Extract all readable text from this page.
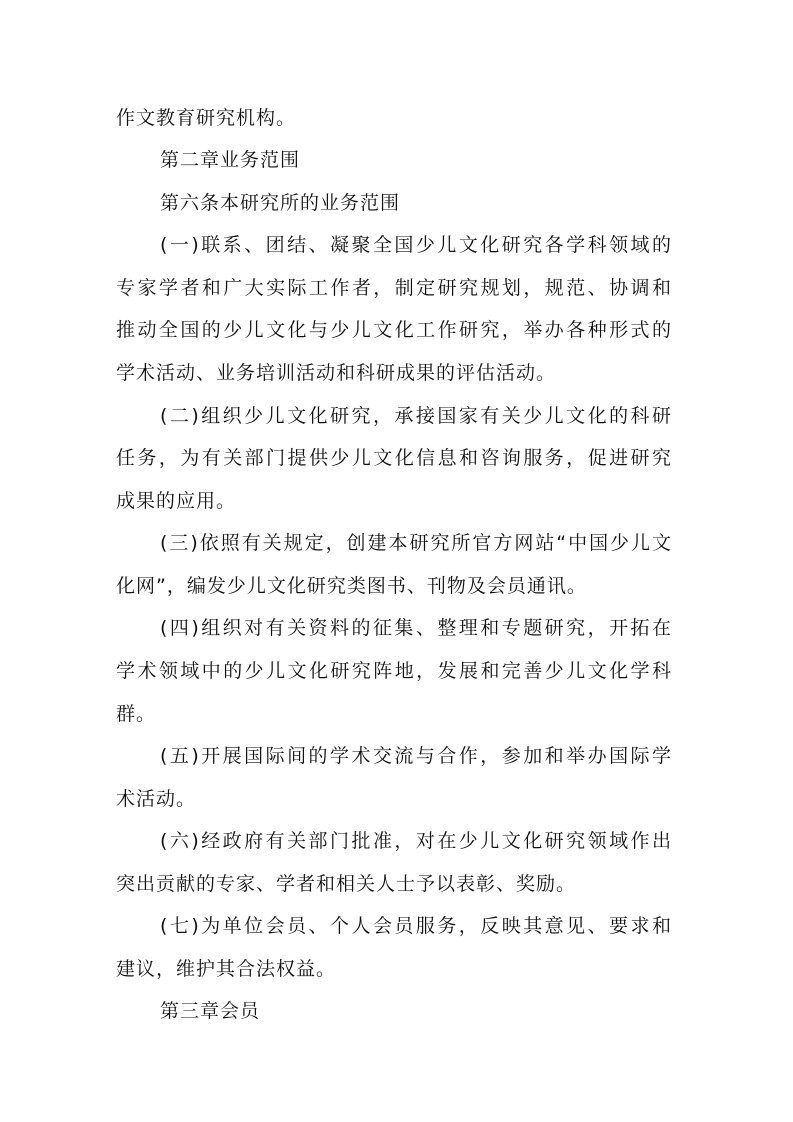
作文教育研究机构。
第二章业务范围
第六条本研究所的业务范围
(一)联系、团结、凝聚全国少儿文化研究各学科领域的
专家学者和广大实际工作者，制定研究规划，规范、协调和
推动全国的少儿文化与少儿文化工作研究，举办各种形式的
学术活动、业务培训活动和科研成果的评估活动。
(二)组织少儿文化研究，承接国家有关少儿文化的科研
任务，为有关部门提供少儿文化信息和咨询服务，促进研究
成果的应用。
(三)依照有关规定，创建本研究所官方网站“中国少儿文
化网”，编发少儿文化研究类图书、刊物及会员通讯。
(四)组织对有关资料的征集、整理和专题研究，开拓在
学术领域中的少儿文化研究阵地，发展和完善少儿文化学科
群。
(五)开展国际间的学术交流与合作，参加和举办国际学
术活动。
(六)经政府有关部门批准，对在少儿文化研究领域作出
突出贡献的专家、学者和相关人士予以表彰、奖励。
(七)为单位会员、个人会员服务，反映其意见、要求和
建议，维护其合法权益。
第三章会员
